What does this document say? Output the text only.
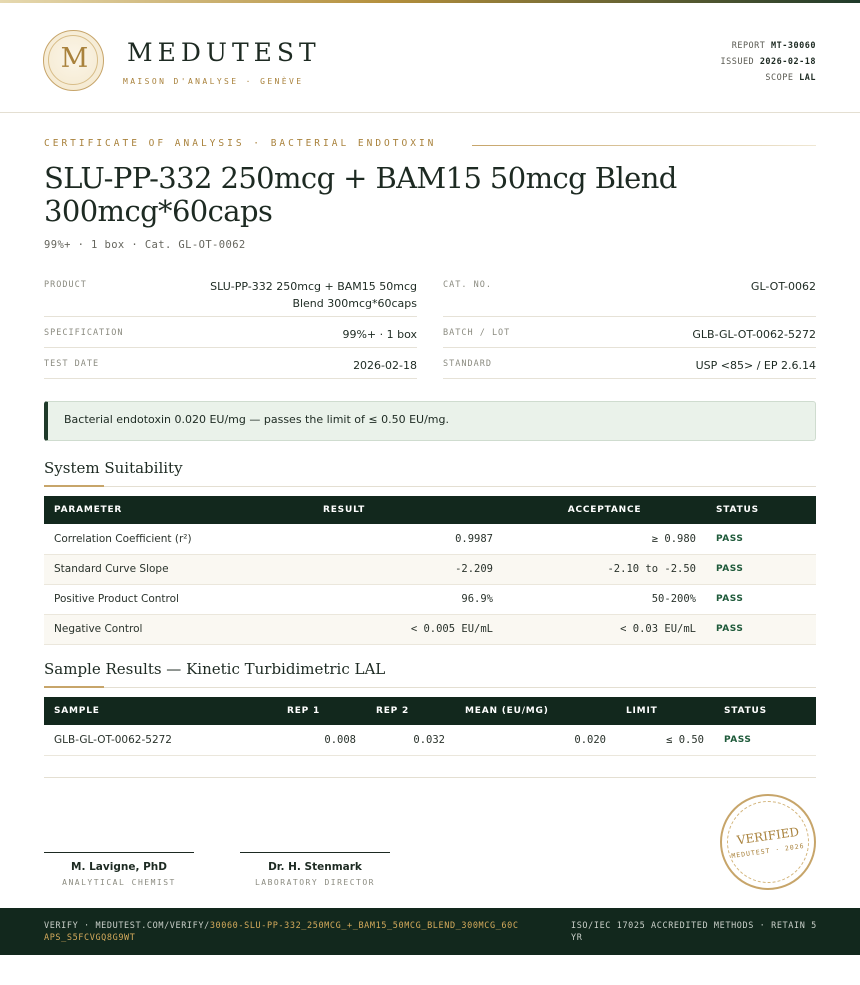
M	MEDUTEST
MAISON D'ANALYSE · GENÈVE
REPORT MT-30060
ISSUED 2026-02-18
SCOPE LAL
CERTIFICATE OF ANALYSIS · BACTERIAL ENDOTOXIN
SLU-PP-332 250mcg + BAM15 50mcg Blend 300mcg*60caps
99%+ · 1 box · Cat. GL-OT-0062
PRODUCT	SLU-PP-332 250mcg + BAM15 50mcg Blend 300mcg*60caps
CAT. NO.	GL-OT-0062
SPECIFICATION	99%+ · 1 box	BATCH / LOT	GLB-GL-OT-0062-5272
TEST DATE	2026-02-18	STANDARD	USP <85> / EP 2.6.14
Bacterial endotoxin 0.020 EU/mg — passes the limit of ≤ 0.50 EU/mg.
System Suitability
PARAMETER	RESULT	ACCEPTANCE	STATUS
Correlation Coefficient (r²)	0.9987	≥ 0.980	PASS
Standard Curve Slope	-2.209	-2.10 to -2.50	PASS
Positive Product Control	96.9%	50-200%	PASS
Negative Control	< 0.005 EU/mL	< 0.03 EU/mL	PASS
Sample Results — Kinetic Turbidimetric LAL
SAMPLE	REP 1	REP 2	MEAN (EU/MG)	LIMIT	STATUS
GLB-GL-OT-0062-5272	0.008	0.032	0.020	≤ 0.50	PASS
M. Lavigne, PhD
ANALYTICAL CHEMIST
Dr. H. Stenmark
LABORATORY DIRECTOR
VERIFIED
MEDUTEST · 2026
VERIFY · MEDUTEST.COM/VERIFY/30060-SLU-PP-332_250MCG_+_BAM15_50MCG_BLEND_300MCG_60CAPS_S5FCVGQ8G9WT
ISO/IEC 17025 ACCREDITED METHODS · RETAIN 5 YR
